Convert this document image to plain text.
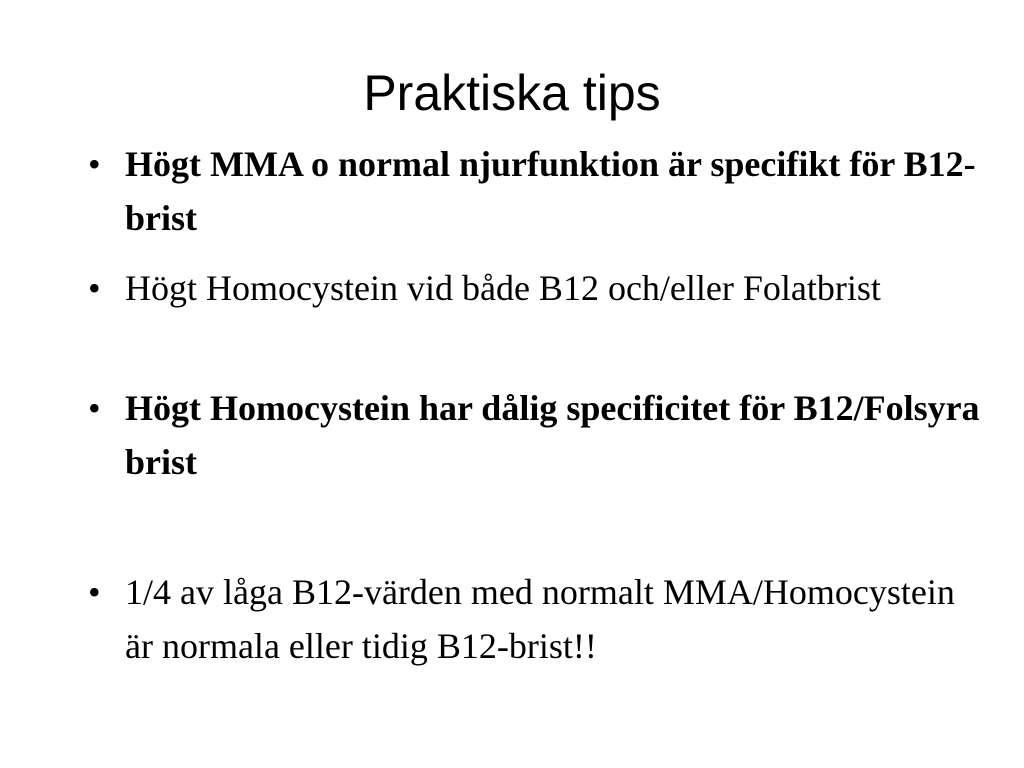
Praktiska tips
• Högt MMA o normal njurfunktion är specifikt för B12-brist
• Högt Homocystein vid både B12 och/eller Folatbrist
• Högt Homocystein har dålig specificitet för B12/Folsyra brist
• 1/4 av låga B12-värden med normalt MMA/Homocystein är normala eller tidig B12-brist!!
